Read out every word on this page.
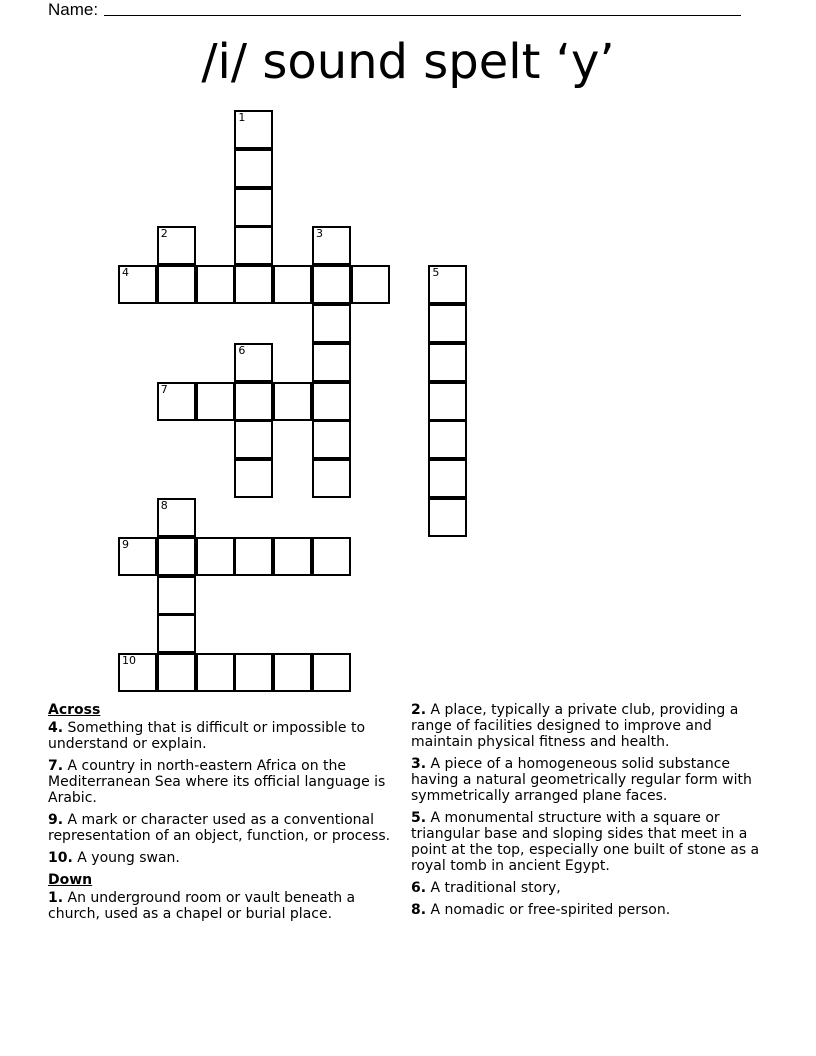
Name:
/i/ sound spelt ‘y’
1
2	3
4	5
6
7
8
9
10
Across
4. Something that is difficult or impossible to understand or explain.
7. A country in north-eastern Africa on the Mediterranean Sea where its official language is Arabic.
9. A mark or character used as a conventional representation of an object, function, or process.
10. A young swan.
Down
1. An underground room or vault beneath a church, used as a chapel or burial place.
2. A place, typically a private club, providing a range of facilities designed to improve and maintain physical fitness and health.
3. A piece of a homogeneous solid substance having a natural geometrically regular form with symmetrically arranged plane faces.
5. A monumental structure with a square or triangular base and sloping sides that meet in a point at the top, especially one built of stone as a royal tomb in ancient Egypt.
6. A traditional story,
8. A nomadic or free-spirited person.
